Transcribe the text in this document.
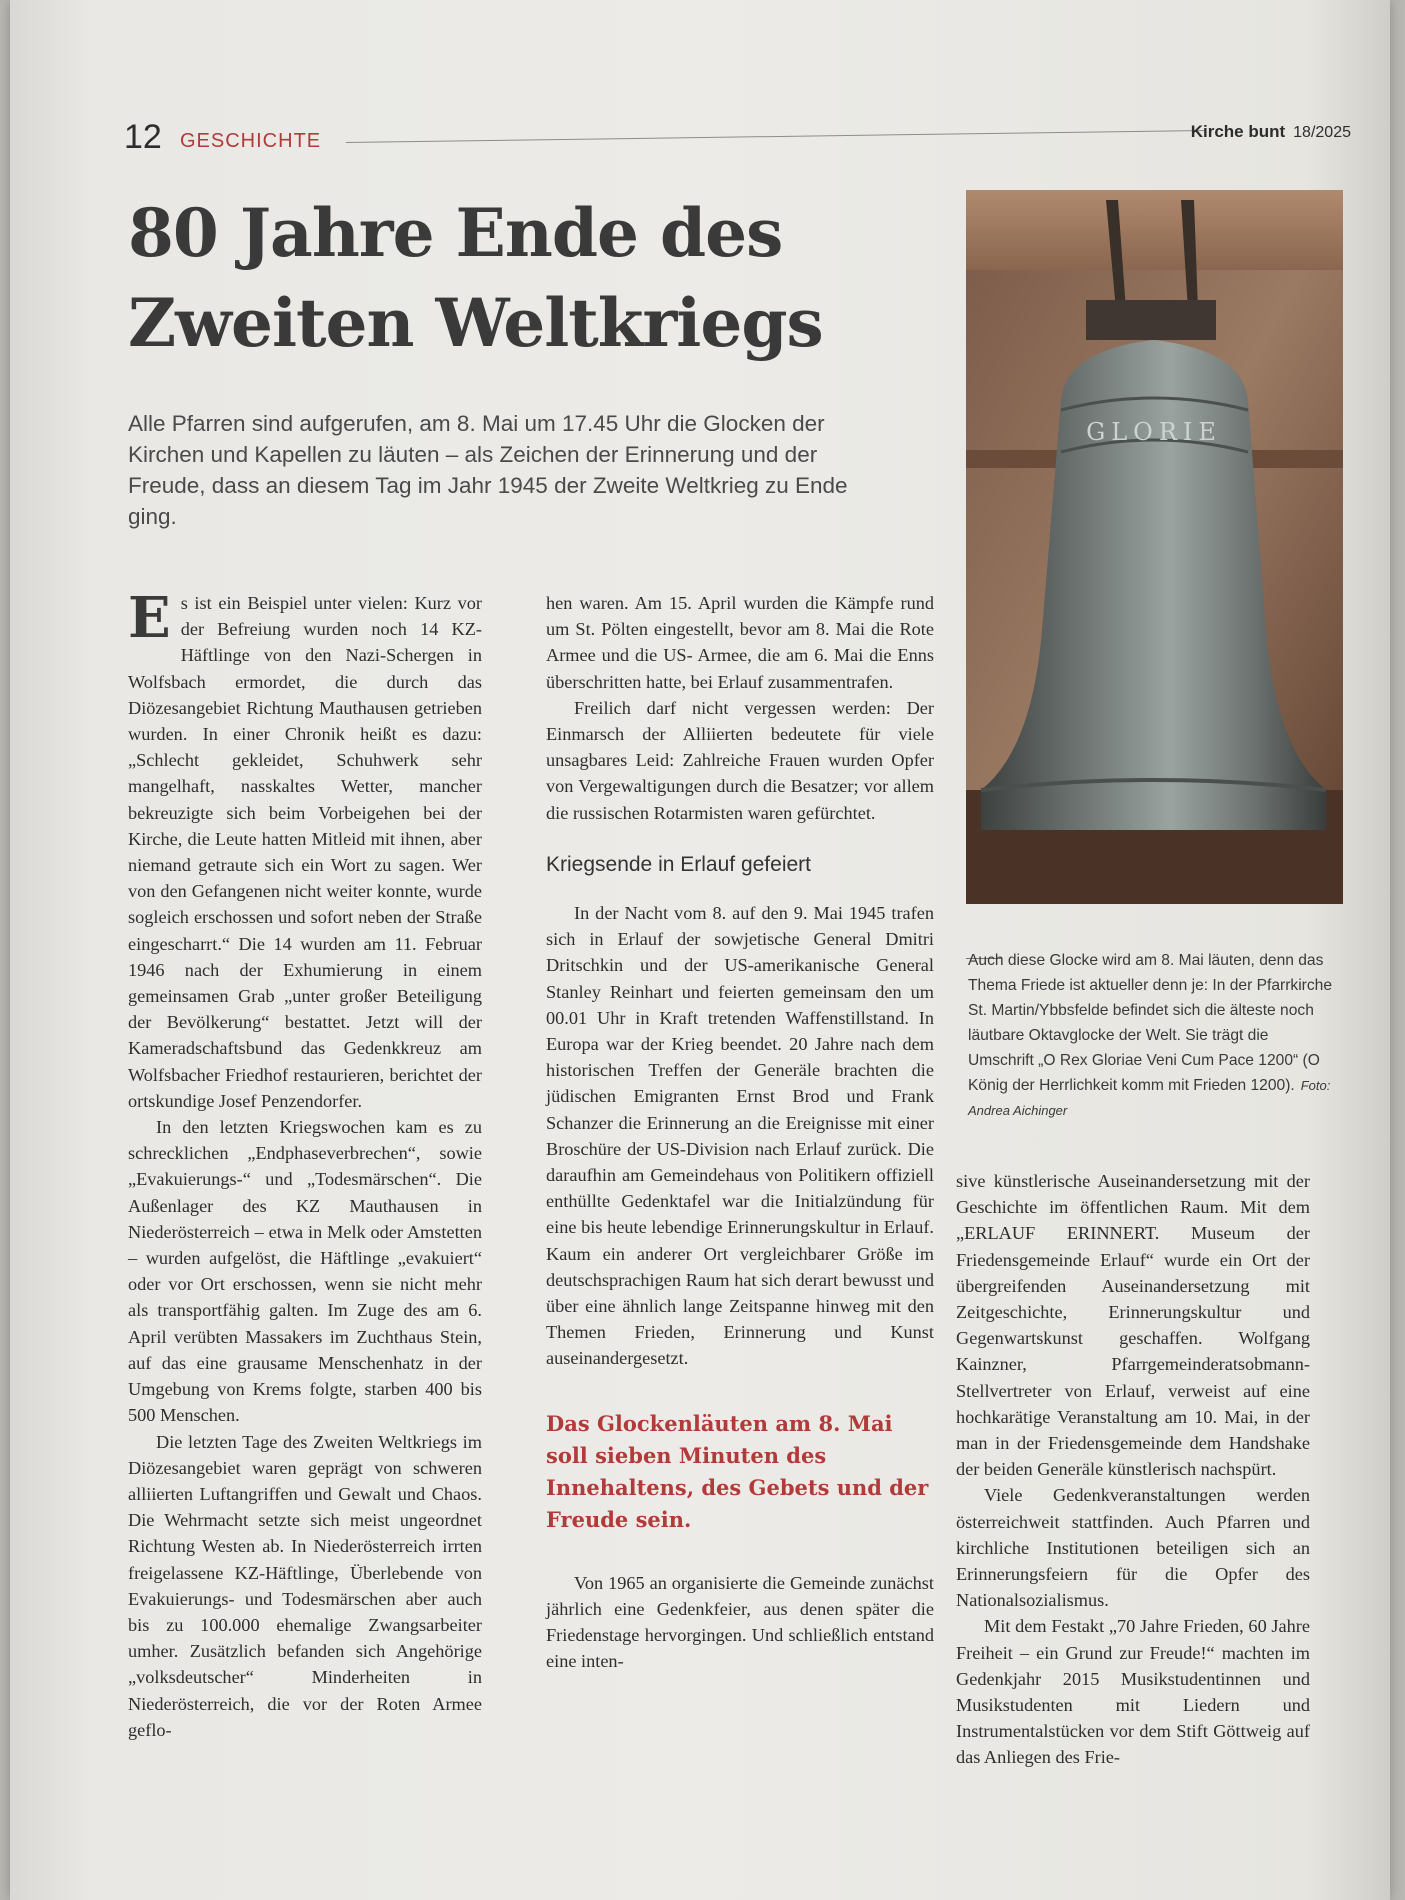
12 GESCHICHTE	Kirche bunt 18/2025
80 Jahre Ende des Zweiten Weltkriegs

Alle Pfarren sind aufgerufen, am 8. Mai um 17.45 Uhr die Glocken der Kirchen und Kapellen zu läuten – als Zeichen der Erinnerung und der Freude, dass an diesem Tag im Jahr 1945 der Zweite Weltkrieg zu Ende ging.

Es ist ein Beispiel unter vielen: Kurz vor der Befreiung wurden noch 14 KZ-Häftlinge von den Nazi-Schergen in Wolfsbach ermordet, die durch das Diözesangebiet Richtung Mauthausen getrieben wurden. In einer Chronik heißt es dazu: „Schlecht gekleidet, Schuhwerk sehr mangelhaft, nasskaltes Wetter, mancher bekreuzigte sich beim Vorbeigehen bei der Kirche, die Leute hatten Mitleid mit ihnen, aber niemand getraute sich ein Wort zu sagen. Wer von den Gefangenen nicht weiter konnte, wurde sogleich erschossen und sofort neben der Straße eingescharrt.“ Die 14 wurden am 11. Februar 1946 nach der Exhumierung in einem gemeinsamen Grab „unter großer Beteiligung der Bevölkerung“ bestattet. Jetzt will der Kameradschaftsbund das Gedenkkreuz am Wolfsbacher Friedhof restaurieren, berichtet der ortskundige Josef Penzendorfer.

In den letzten Kriegswochen kam es zu schrecklichen „Endphaseverbrechen“, sowie „Evakuierungs-“ und „Todesmärschen“. Die Außenlager des KZ Mauthausen in Niederösterreich – etwa in Melk oder Amstetten – wurden aufgelöst, die Häftlinge „evakuiert“ oder vor Ort erschossen, wenn sie nicht mehr als transportfähig galten. Im Zuge des am 6. April verübten Massakers im Zuchthaus Stein, auf das eine grausame Menschenhatz in der Umgebung von Krems folgte, starben 400 bis 500 Menschen.

Die letzten Tage des Zweiten Weltkriegs im Diözesangebiet waren geprägt von schweren alliierten Luftangriffen und Gewalt und Chaos. Die Wehrmacht setzte sich meist ungeordnet Richtung Westen ab. In Niederösterreich irrten freigelassene KZ-Häftlinge, Überlebende von Evakuierungs- und Todesmärschen aber auch bis zu 100.000 ehemalige Zwangsarbeiter umher. Zusätzlich befanden sich Angehörige „volksdeutscher“ Minderheiten in Niederösterreich, die vor der Roten Armee geflo-

hen waren. Am 15. April wurden die Kämpfe rund um St. Pölten eingestellt, bevor am 8. Mai die Rote Armee und die US- Armee, die am 6. Mai die Enns überschritten hatte, bei Erlauf zusammentrafen.

Freilich darf nicht vergessen werden: Der Einmarsch der Alliierten bedeutete für viele unsagbares Leid: Zahlreiche Frauen wurden Opfer von Vergewaltigungen durch die Besatzer; vor allem die russischen Rotarmisten waren gefürchtet.

Kriegsende in Erlauf gefeiert

In der Nacht vom 8. auf den 9. Mai 1945 trafen sich in Erlauf der sowjetische General Dmitri Dritschkin und der US-amerikanische General Stanley Reinhart und feierten gemeinsam den um 00.01 Uhr in Kraft tretenden Waffenstillstand. In Europa war der Krieg beendet. 20 Jahre nach dem historischen Treffen der Generäle brachten die jüdischen Emigranten Ernst Brod und Frank Schanzer die Erinnerung an die Ereignisse mit einer Broschüre der US-Division nach Erlauf zurück. Die daraufhin am Gemeindehaus von Politikern offiziell enthüllte Gedenktafel war die Initialzündung für eine bis heute lebendige Erinnerungskultur in Erlauf. Kaum ein anderer Ort vergleichbarer Größe im deutschsprachigen Raum hat sich derart bewusst und über eine ähnlich lange Zeitspanne hinweg mit den Themen Frieden, Erinnerung und Kunst auseinandergesetzt.

Das Glockenläuten am 8. Mai soll sieben Minuten des Innehaltens, des Gebets und der Freude sein.

Von 1965 an organisierte die Gemeinde zunächst jährlich eine Gedenkfeier, aus denen später die Friedenstage hervorgingen. Und schließlich entstand eine inten-

GLORIE
Auch diese Glocke wird am 8. Mai läuten, denn das Thema Friede ist aktueller denn je: In der Pfarrkirche St. Martin/Ybbsfelde befindet sich die älteste noch läutbare Oktavglocke der Welt. Sie trägt die Umschrift „O Rex Gloriae Veni Cum Pace 1200“ (O König der Herrlichkeit komm mit Frieden 1200). Foto: Andrea Aichinger

sive künstlerische Auseinandersetzung mit der Geschichte im öffentlichen Raum. Mit dem „ERLAUF ERINNERT. Museum der Friedensgemeinde Erlauf“ wurde ein Ort der übergreifenden Auseinandersetzung mit Zeitgeschichte, Erinnerungskultur und Gegenwartskunst geschaffen. Wolfgang Kainzner, Pfarrgemeinderatsobmann-Stellvertreter von Erlauf, verweist auf eine hochkarätige Veranstaltung am 10. Mai, in der man in der Friedensgemeinde dem Handshake der beiden Generäle künstlerisch nachspürt.

Viele Gedenkveranstaltungen werden österreichweit stattfinden. Auch Pfarren und kirchliche Institutionen beteiligen sich an Erinnerungsfeiern für die Opfer des Nationalsozialismus.

Mit dem Festakt „70 Jahre Frieden, 60 Jahre Freiheit – ein Grund zur Freude!“ machten im Gedenkjahr 2015 Musikstudentinnen und Musikstudenten mit Liedern und Instrumentalstücken vor dem Stift Göttweig auf das Anliegen des Frie-
